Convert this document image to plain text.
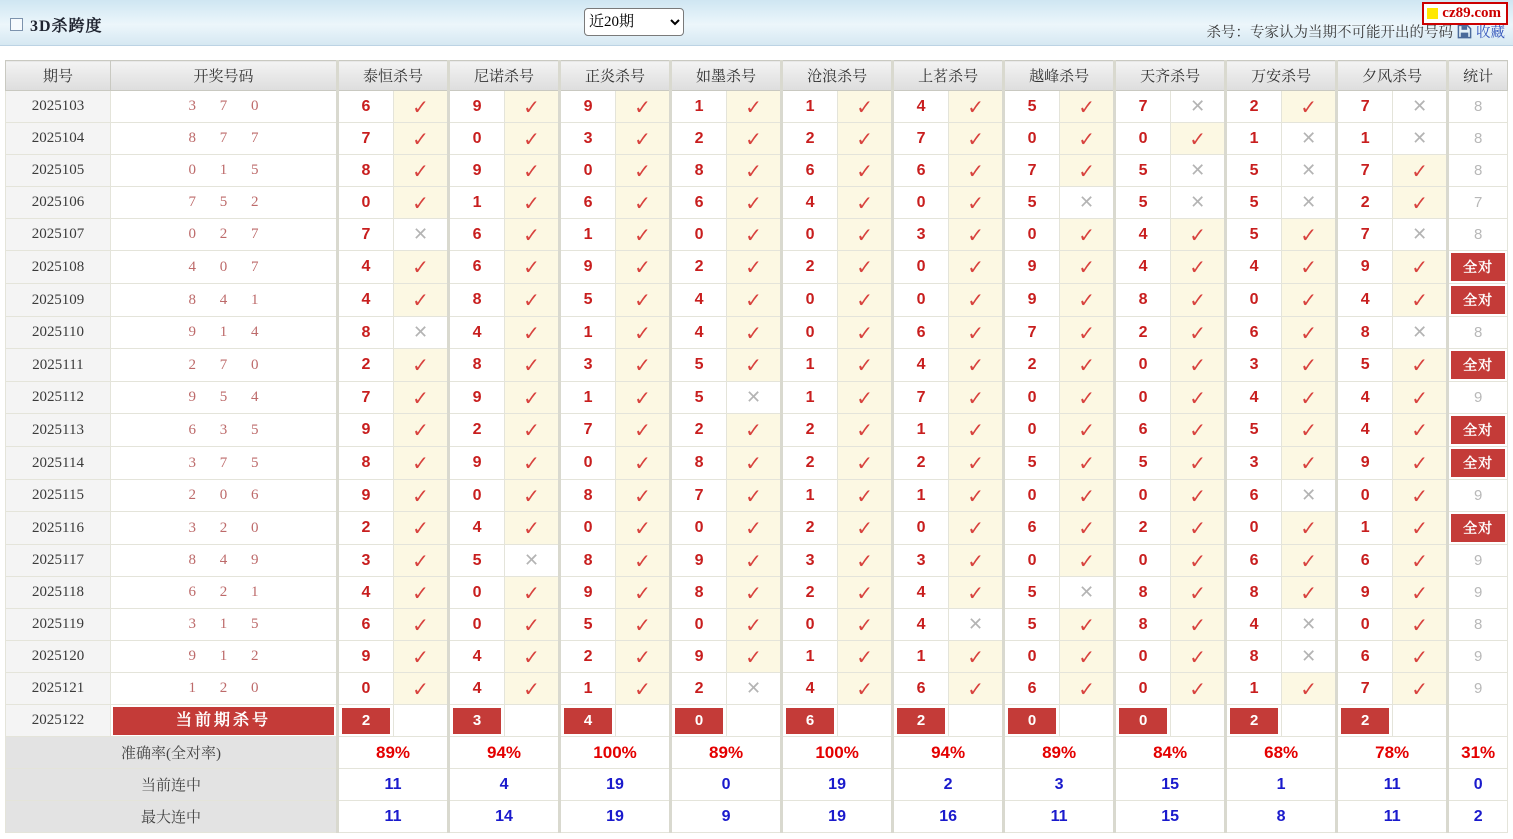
3D杀跨度
近20期	杀号：专家认为当期不可能开出的号码 收藏
cz89.com
期号	开奖号码	泰恒杀号		尼诺杀号		正炎杀号		如墨杀号		沧浪杀号		上茗杀号		越峰杀号		天齐杀号		万安杀号		夕风杀号		统计
2025103	3 7 0	6	✓	9	✓	9	✓	1	✓	1	✓	4	✓	5	✓	7	✕	2	✓	7	✕	8
2025104	8 7 7	7	✓	0	✓	3	✓	2	✓	2	✓	7	✓	0	✓	0	✓	1	✕	1	✕	8
2025105	0 1 5	8	✓	9	✓	0	✓	8	✓	6	✓	6	✓	7	✓	5	✕	5	✕	7	✓	8
2025106	7 5 2	0	✓	1	✓	6	✓	6	✓	4	✓	0	✓	5	✕	5	✕	5	✕	2	✓	7
2025107	0 2 7	7	✕	6	✓	1	✓	0	✓	0	✓	3	✓	0	✓	4	✓	5	✓	7	✕	8
2025108	4 0 7	4	✓	6	✓	9	✓	2	✓	2	✓	0	✓	9	✓	4	✓	4	✓	9	✓	全对

2025109	8 4 1	4	✓	8	✓	5	✓	4	✓	0	✓	0	✓	9	✓	8	✓	0	✓	4	✓	全对

2025110	9 1 4	8	✕	4	✓	1	✓	4	✓	0	✓	6	✓	7	✓	2	✓	6	✓	8	✕	8
2025111	2 7 0	2	✓	8	✓	3	✓	5	✓	1	✓	4	✓	2	✓	0	✓	3	✓	5	✓	全对

2025112	9 5 4	7	✓	9	✓	1	✓	5	✕	1	✓	7	✓	0	✓	0	✓	4	✓	4	✓	9
2025113	6 3 5	9	✓	2	✓	7	✓	2	✓	2	✓	1	✓	0	✓	6	✓	5	✓	4	✓	全对

2025114	3 7 5	8	✓	9	✓	0	✓	8	✓	2	✓	2	✓	5	✓	5	✓	3	✓	9	✓	全对

2025115	2 0 6	9	✓	0	✓	8	✓	7	✓	1	✓	1	✓	0	✓	0	✓	6	✕	0	✓	9
2025116	3 2 0	2	✓	4	✓	0	✓	0	✓	2	✓	0	✓	6	✓	2	✓	0	✓	1	✓	全对

2025117	8 4 9	3	✓	5	✕	8	✓	9	✓	3	✓	3	✓	0	✓	0	✓	6	✓	6	✓	9
2025118	6 2 1	4	✓	0	✓	9	✓	8	✓	2	✓	4	✓	5	✕	8	✓	8	✓	9	✓	9
2025119	3 1 5	6	✓	0	✓	5	✓	0	✓	0	✓	4	✕	5	✓	8	✓	4	✕	0	✓	8
2025120	9 1 2	9	✓	4	✓	2	✓	9	✓	1	✓	1	✓	0	✓	0	✓	8	✕	6	✓	9
2025121	1 2 0	0	✓	4	✓	1	✓	2	✕	4	✓	6	✓	6	✓	0	✓	1	✓	7	✓	9
2025122	当前期杀号	2		3		4		0		6		2		0		0		2		2		

准确率(全对率)		89%		94%		100%		89%		100%		94%		89%		84%		68%		78%		31%
当前连中		11		4		19		0		19		2		3		15		1		11		0
最大连中		11		14		19		9		19		16		11		15		8		11		2
